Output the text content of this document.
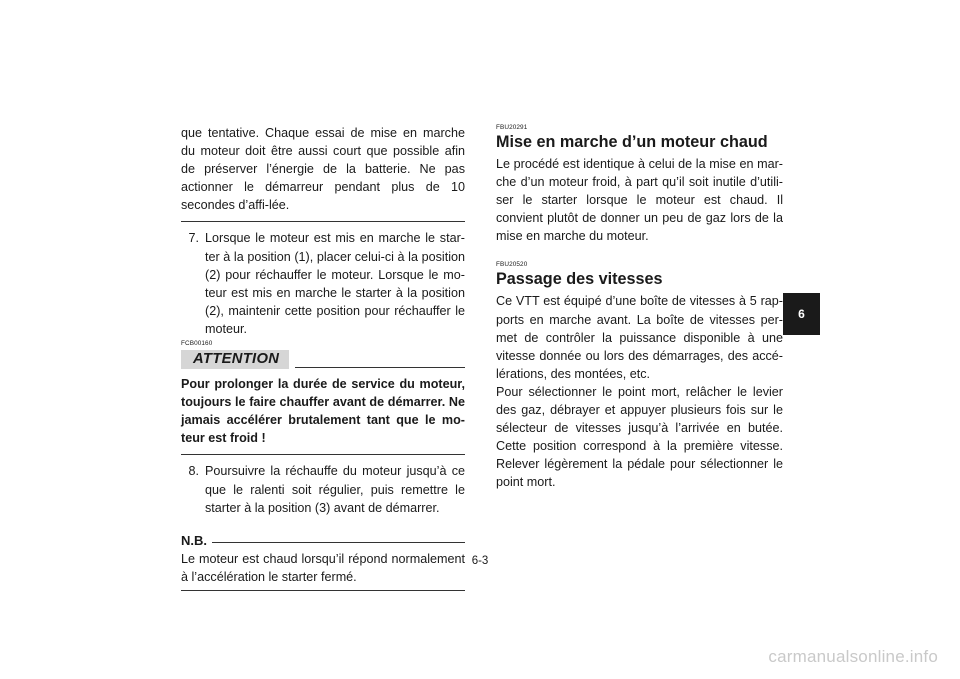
que tentative. Chaque essai de mise en marche du moteur doit être aussi court que possible afin de préserver l’énergie de la batterie. Ne pas actionner le démarreur pendant plus de 10 secondes d’affi-lée.

7. Lorsque le moteur est mis en marche le star-ter à la position (1), placer celui-ci à la position (2) pour réchauffer le moteur. Lorsque le mo-teur est mis en marche le starter à la position (2), maintenir cette position pour réchauffer le moteur.

FCB00160

ATTENTION

Pour prolonger la durée de service du moteur, toujours le faire chauffer avant de démarrer. Ne jamais accélérer brutalement tant que le mo-teur est froid !

8. Poursuivre la réchauffe du moteur jusqu’à ce que le ralenti soit régulier, puis remettre le starter à la position (3) avant de démarrer.
N.B.

Le moteur est chaud lorsqu’il répond normalement à l’accélération le starter fermé.

FBU20291

Mise en marche d’un moteur chaud

Le procédé est identique à celui de la mise en mar-che d’un moteur froid, à part qu’il soit inutile d’utili-ser le starter lorsque le moteur est chaud. Il convient plutôt de donner un peu de gaz lors de la mise en marche du moteur.

FBU20520

Passage des vitesses

Ce VTT est équipé d’une boîte de vitesses à 5 rap-ports en marche avant. La boîte de vitesses per-met de contrôler la puissance disponible à une vitesse donnée ou lors des démarrages, des accé-lérations, des montées, etc.

Pour sélectionner le point mort, relâcher le levier des gaz, débrayer et appuyer plusieurs fois sur le sélecteur de vitesses jusqu’à l’arrivée en butée. Cette position correspond à la première vitesse. Relever légèrement la pédale pour sélectionner le point mort.

6
6-3
carmanualsonline.info
